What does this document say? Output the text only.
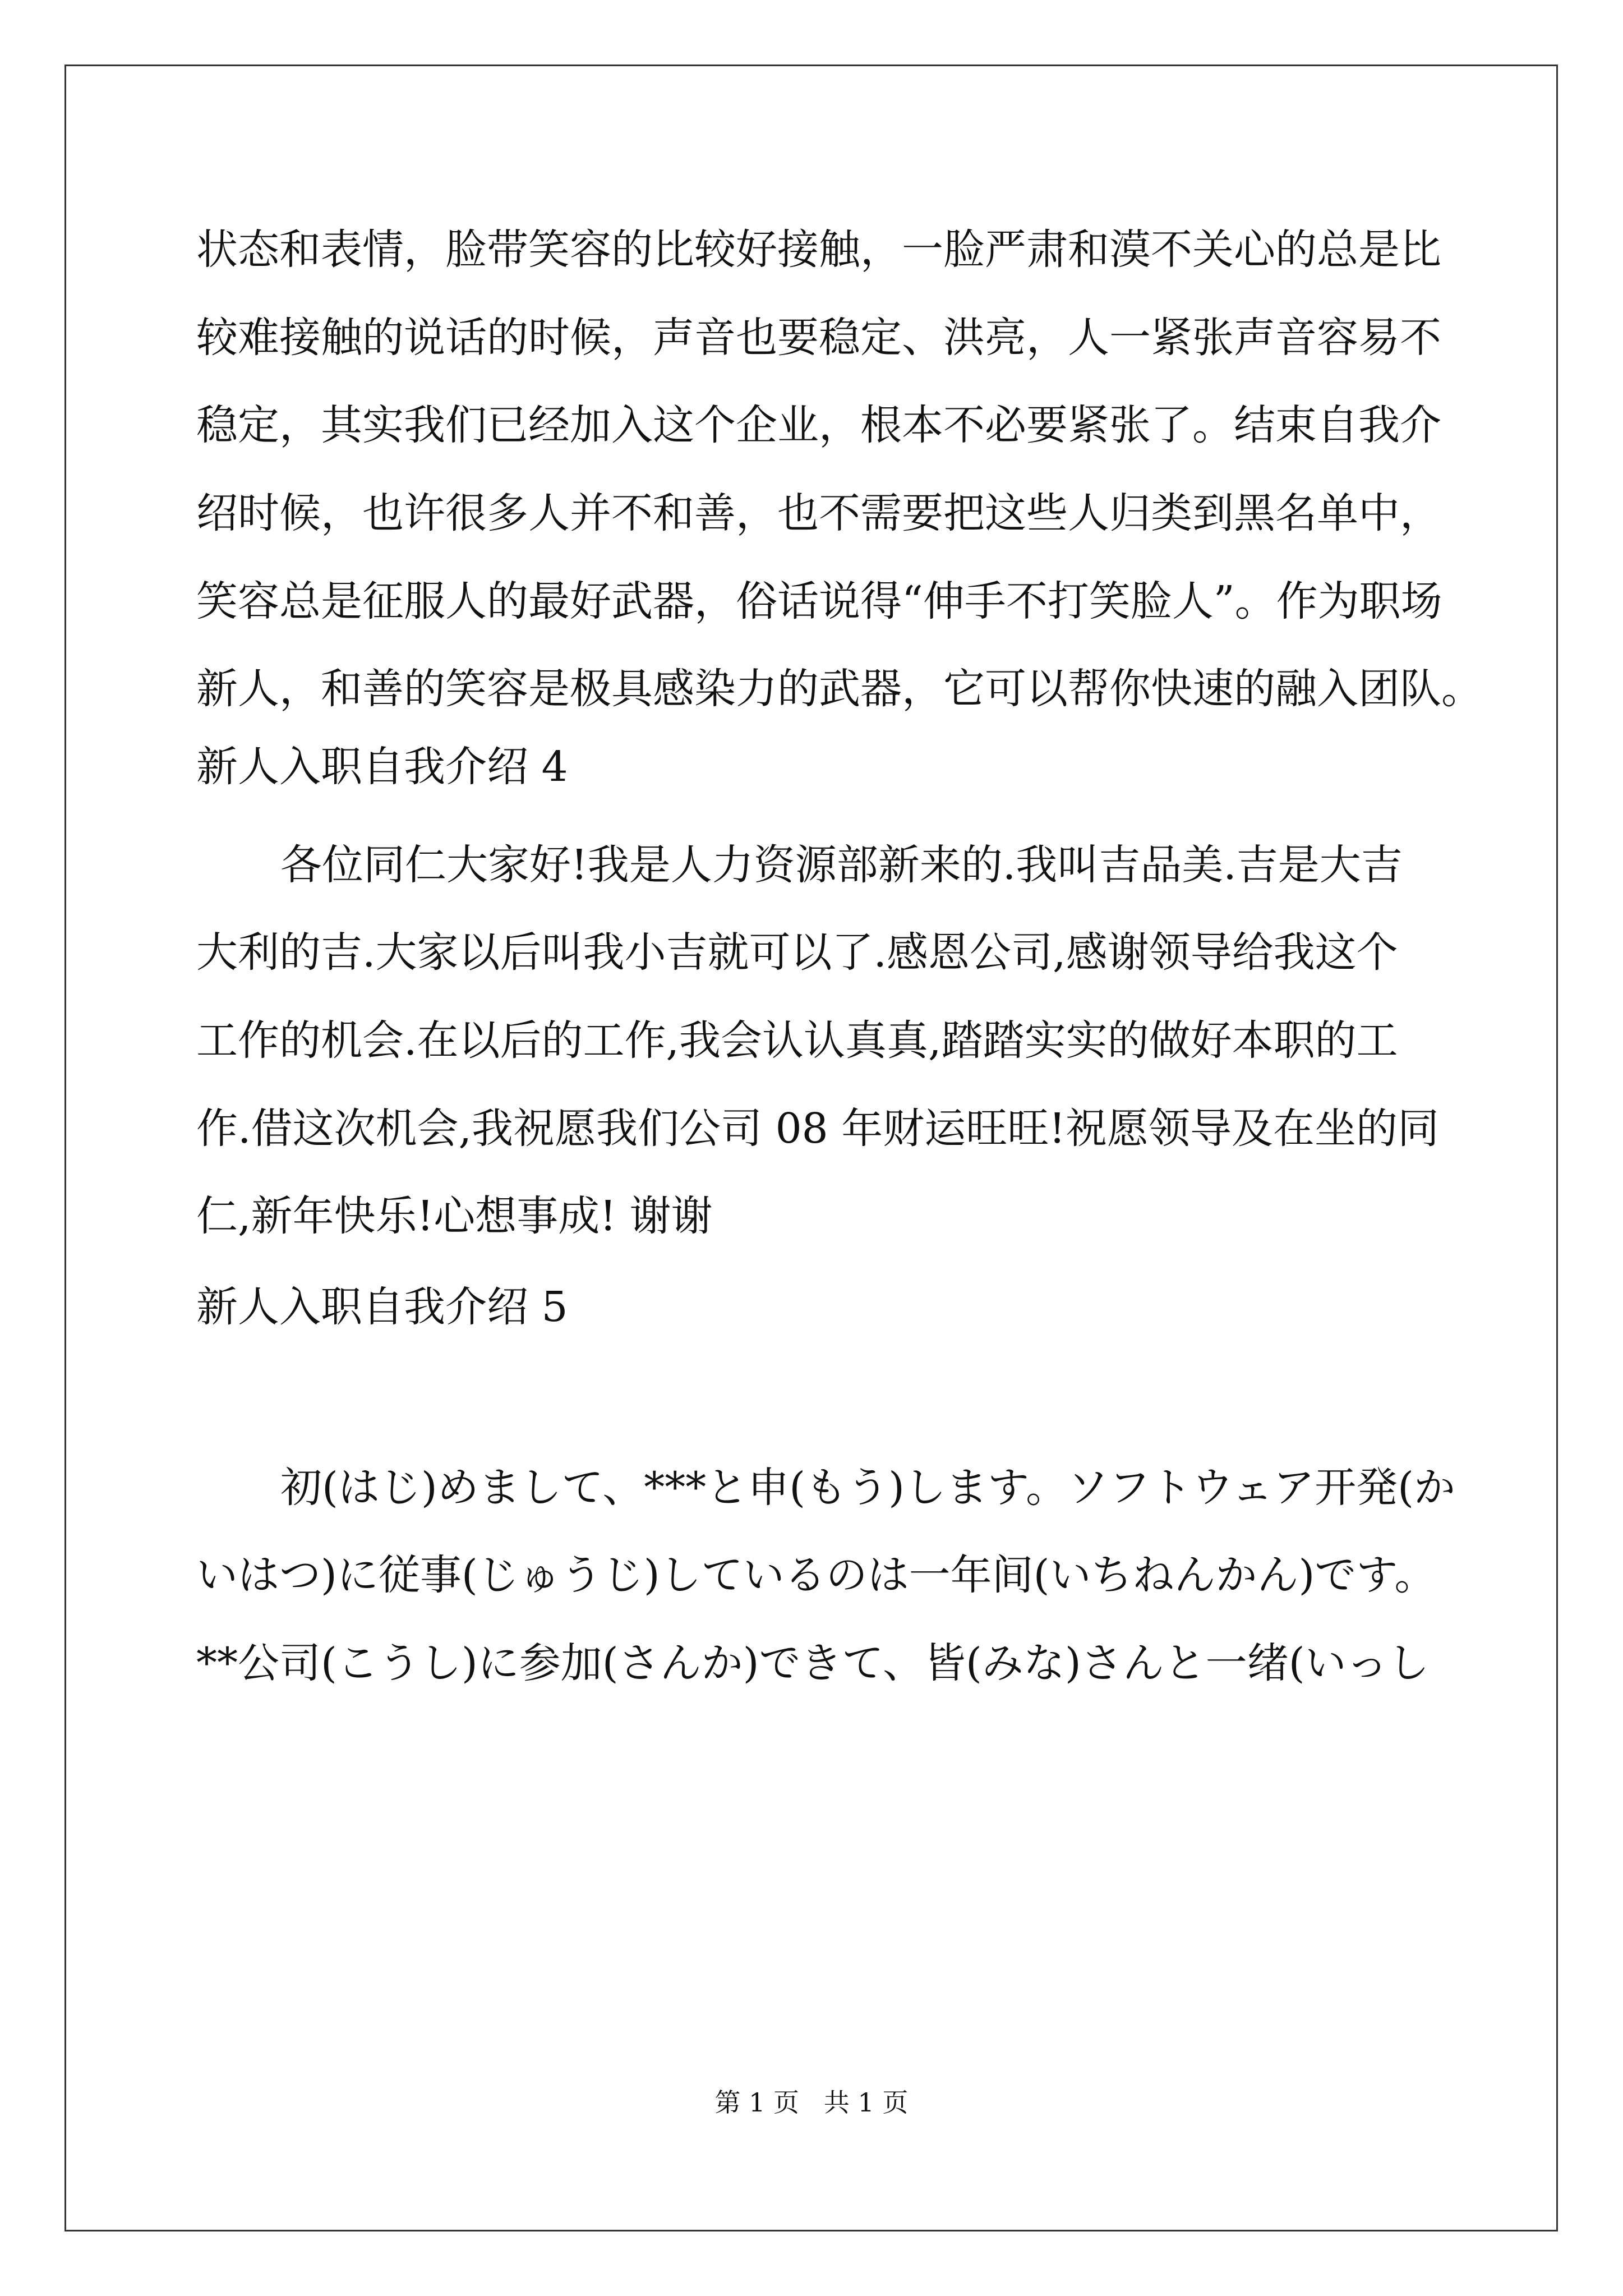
状态和表情，脸带笑容的比较好接触，一脸严肃和漠不关心的总是比
较难接触的说话的时候，声音也要稳定、洪亮，人一紧张声音容易不
稳定，其实我们已经加入这个企业，根本不必要紧张了。结束自我介
绍时候，也许很多人并不和善，也不需要把这些人归类到黑名单中，
笑容总是征服人的最好武器，俗话说得“伸手不打笑脸人”。作为职场
新人，和善的笑容是极具感染力的武器，它可以帮你快速的融入团队。
新人入职自我介绍 4
各位同仁大家好!我是人力资源部新来的.我叫吉品美.吉是大吉
大利的吉.大家以后叫我小吉就可以了.感恩公司,感谢领导给我这个
工作的机会.在以后的工作,我会认认真真,踏踏实实的做好本职的工
作.借这次机会,我祝愿我们公司 08 年财运旺旺!祝愿领导及在坐的同
仁,新年快乐!心想事成! 谢谢
新人入职自我介绍 5
初(はじ)めまして、***と申(もう)します。ソフトウェア开発(か
いはつ)に従事(じゅうじ)しているのは一年间(いちねんかん)です。
**公司(こうし)に参加(さんか)できて、皆(みな)さんと一绪(いっし
第 1 页   共 1 页
